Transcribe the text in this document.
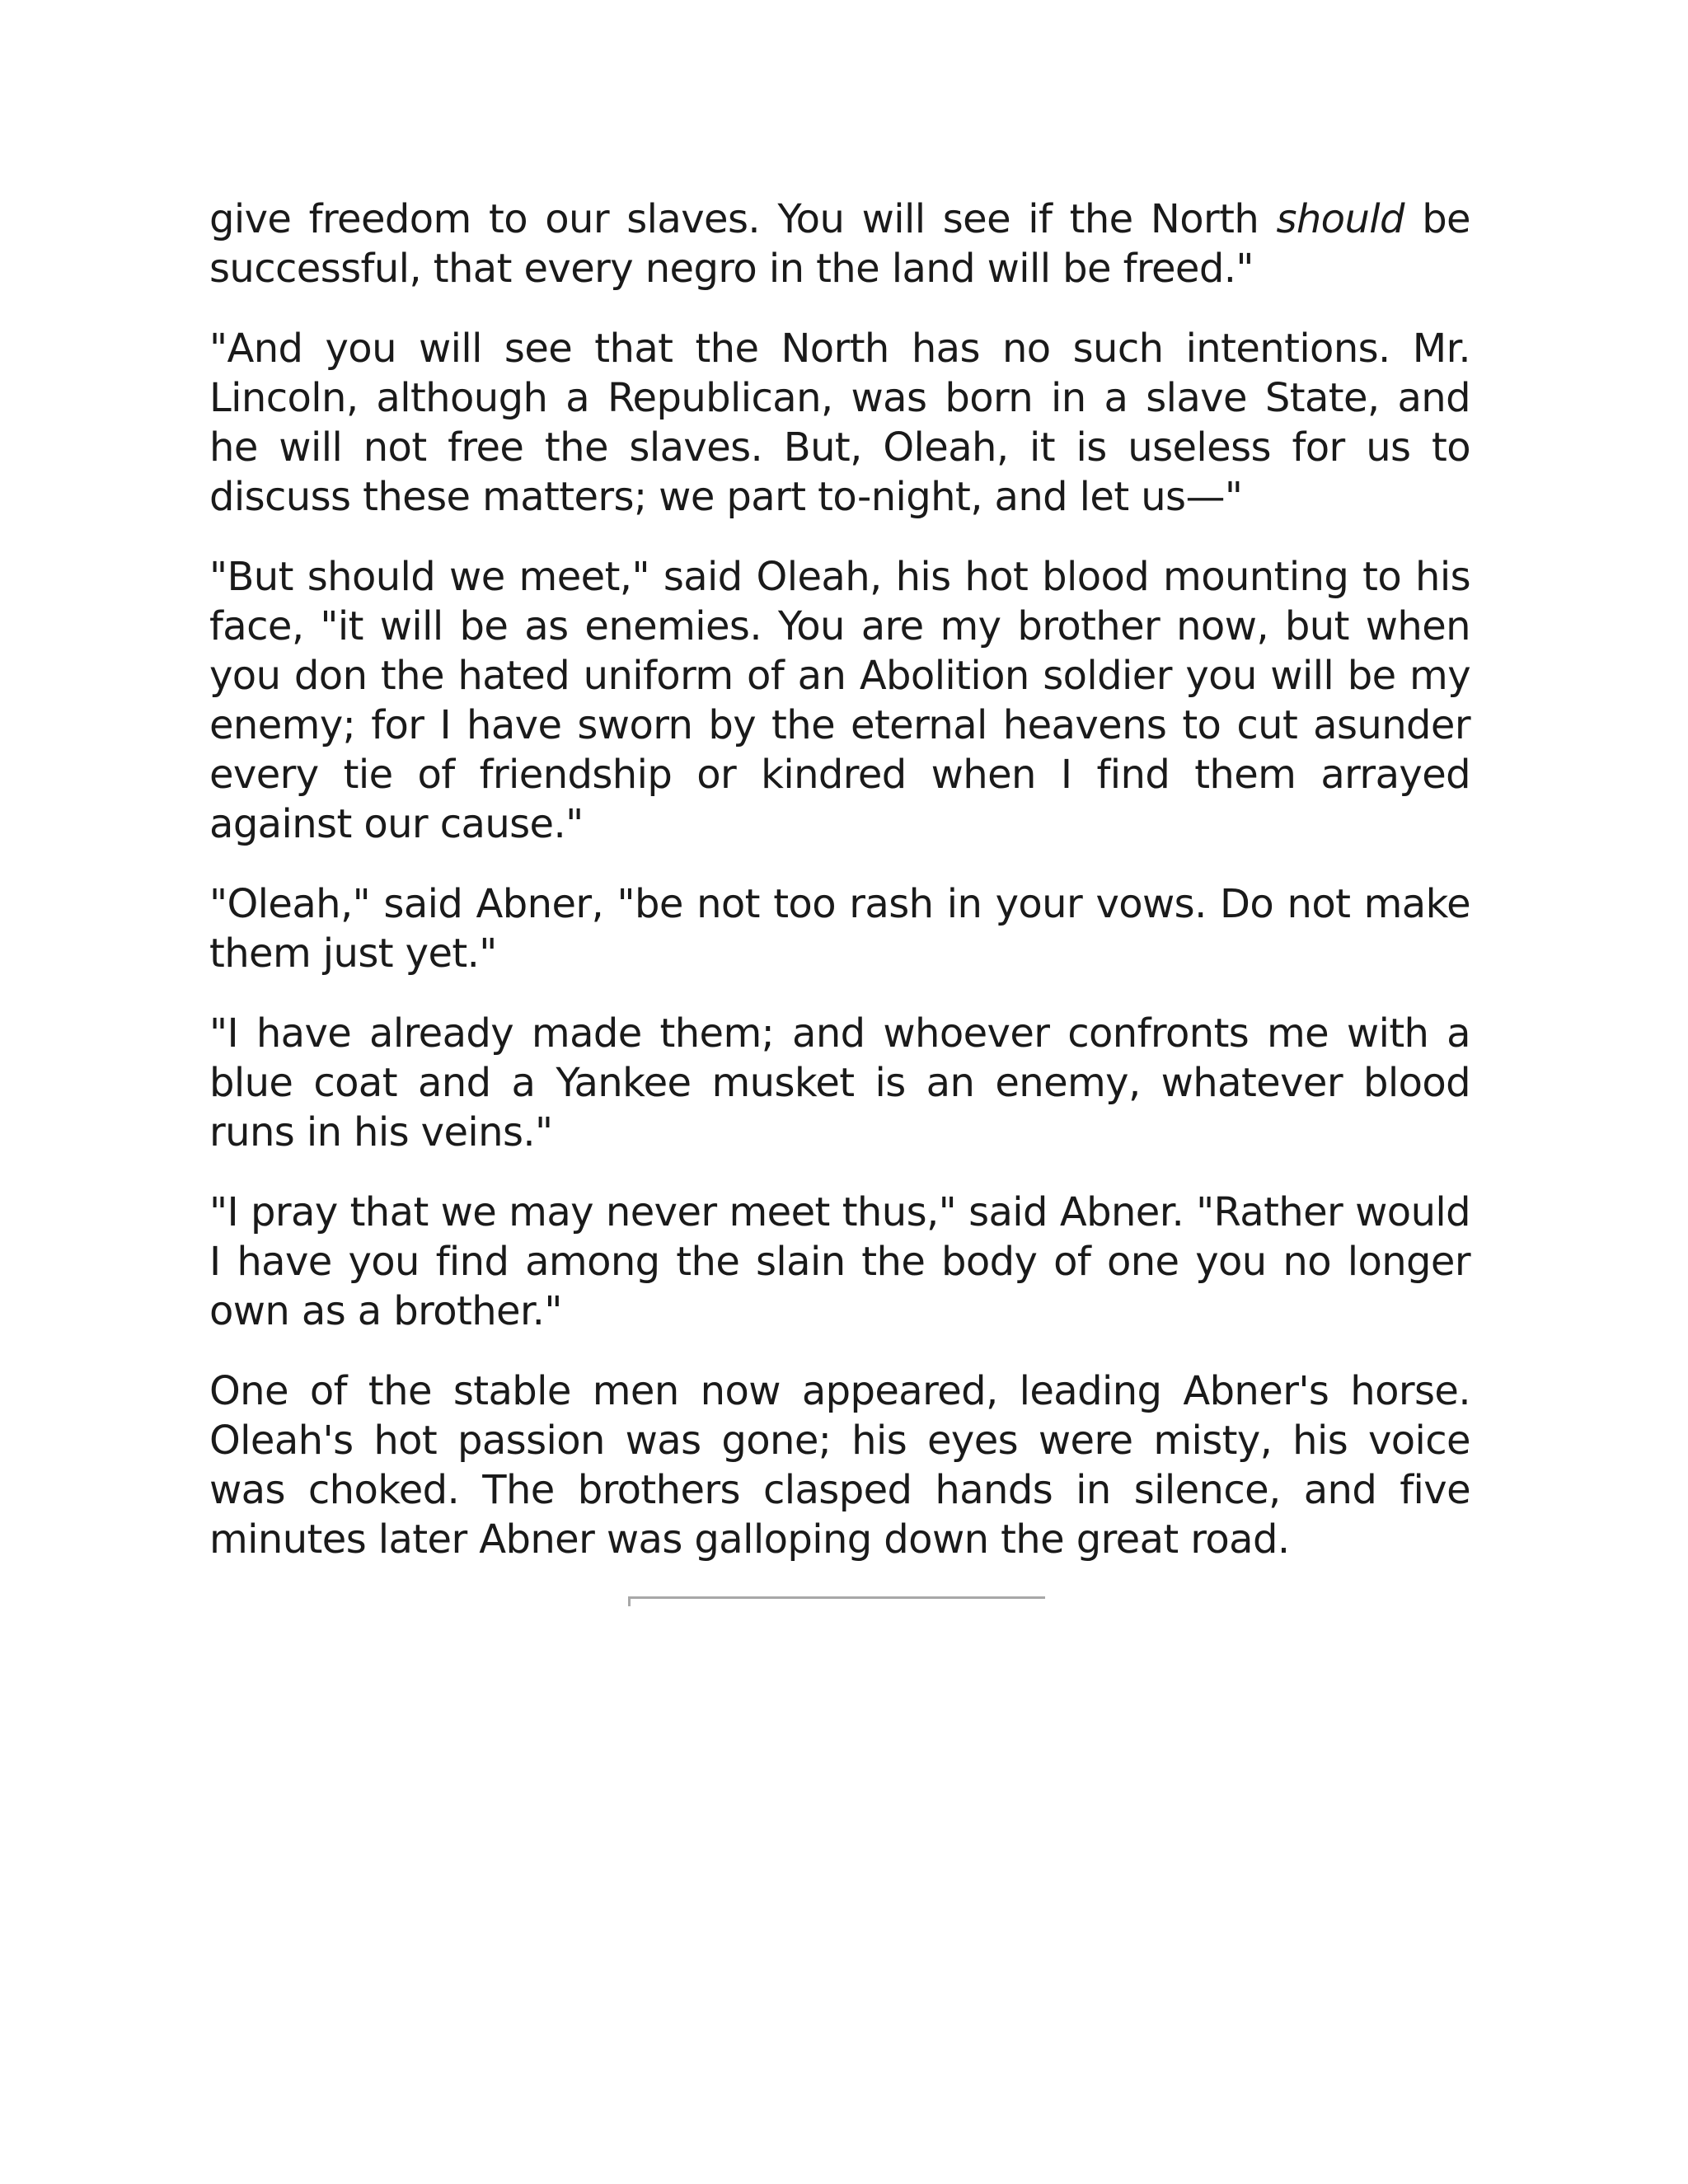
give freedom to our slaves. You will see if the North should be successful, that every negro in the land will be freed."

"And you will see that the North has no such intentions. Mr. Lincoln, although a Republican, was born in a slave State, and he will not free the slaves. But, Oleah, it is useless for us to discuss these matters; we part to-night, and let us—"

"But should we meet," said Oleah, his hot blood mounting to his face, "it will be as enemies. You are my brother now, but when you don the hated uniform of an Abolition soldier you will be my enemy; for I have sworn by the eternal heavens to cut asunder every tie of friendship or kindred when I find them arrayed against our cause."

"Oleah," said Abner, "be not too rash in your vows. Do not make them just yet."

"I have already made them; and whoever confronts me with a blue coat and a Yankee musket is an enemy, whatever blood runs in his veins."

"I pray that we may never meet thus," said Abner. "Rather would I have you find among the slain the body of one you no longer own as a brother."

One of the stable men now appeared, leading Abner's horse. Oleah's hot passion was gone; his eyes were misty, his voice was choked. The brothers clasped hands in silence, and five minutes later Abner was galloping down the great road.
